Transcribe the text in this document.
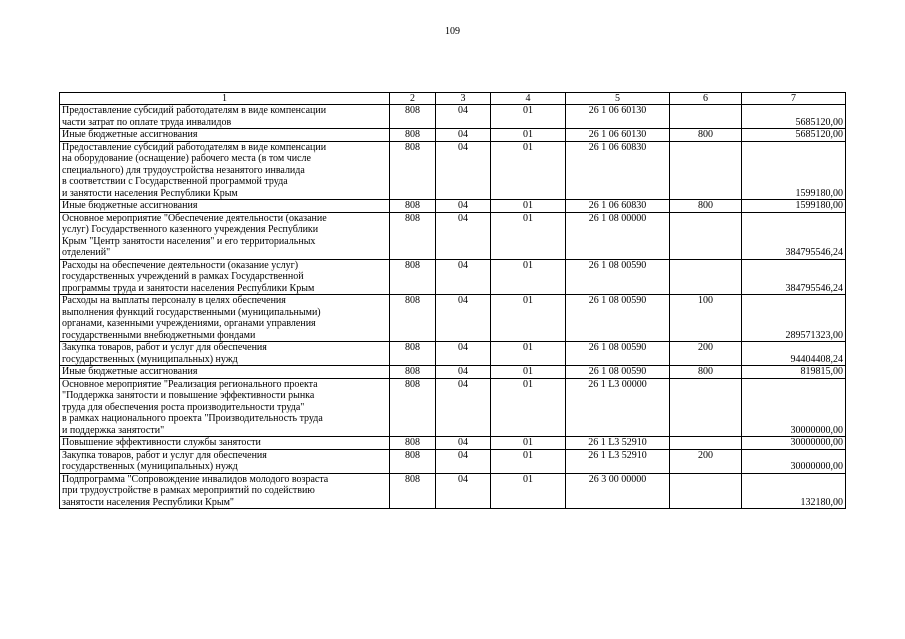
109
1	2	3	4	5	6	7
Предоставление субсидий работодателям в виде компенсации
части затрат по оплате труда инвалидов	808	04	01	26 1 06 60130		5685120,00
Иные бюджетные ассигнования	808	04	01	26 1 06 60130	800	5685120,00
Предоставление субсидий работодателям в виде компенсации
на оборудование (оснащение) рабочего места (в том числе
специального) для трудоустройства незанятого инвалида
в соответствии с Государственной программой труда
и занятости населения Республики Крым	808	04	01	26 1 06 60830		1599180,00
Иные бюджетные ассигнования	808	04	01	26 1 06 60830	800	1599180,00
Основное мероприятие "Обеспечение деятельности (оказание
услуг) Государственного казенного учреждения Республики
Крым "Центр занятости населения" и его территориальных
отделений"	808	04	01	26 1 08 00000		384795546,24
Расходы на обеспечение деятельности (оказание услуг)
государственных учреждений в рамках Государственной
программы труда и занятости населения Республики Крым	808	04	01	26 1 08 00590		384795546,24
Расходы на выплаты персоналу в целях обеспечения
выполнения функций государственными (муниципальными)
органами, казенными учреждениями, органами управления
государственными внебюджетными фондами	808	04	01	26 1 08 00590	100	289571323,00
Закупка товаров, работ и услуг для обеспечения
государственных (муниципальных) нужд	808	04	01	26 1 08 00590	200	94404408,24
Иные бюджетные ассигнования	808	04	01	26 1 08 00590	800	819815,00
Основное мероприятие "Реализация регионального проекта
"Поддержка занятости и повышение эффективности рынка
труда для обеспечения роста производительности труда"
в рамках национального проекта "Производительность труда
и поддержка занятости"	808	04	01	26 1 L3 00000		30000000,00
Повышение эффективности службы занятости	808	04	01	26 1 L3 52910		30000000,00
Закупка товаров, работ и услуг для обеспечения
государственных (муниципальных) нужд	808	04	01	26 1 L3 52910	200	30000000,00
Подпрограмма "Сопровождение инвалидов молодого возраста
при трудоустройстве в рамках мероприятий по содействию
занятости населения Республики Крым"	808	04	01	26 3 00 00000		132180,00
